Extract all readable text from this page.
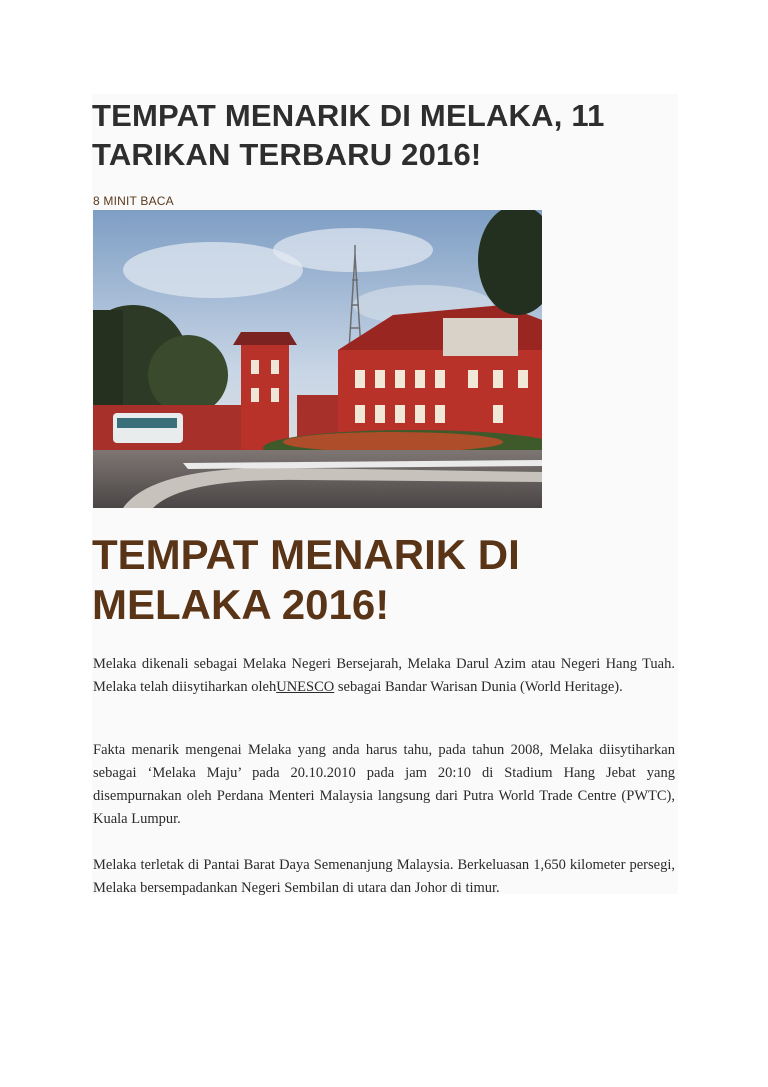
TEMPAT MENARIK DI MELAKA, 11 TARIKAN TERBARU 2016!
8 MINIT BACA
TEMPAT MENARIK DI MELAKA 2016!

Melaka dikenali sebagai Melaka Negeri Bersejarah, Melaka Darul Azim atau Negeri Hang Tuah. Melaka telah diisytiharkan olehUNESCO sebagai Bandar Warisan Dunia (World Heritage).

Fakta menarik mengenai Melaka yang anda harus tahu, pada tahun 2008, Melaka diisytiharkan sebagai ‘Melaka Maju’ pada 20.10.2010 pada jam 20:10 di Stadium Hang Jebat yang disempurnakan oleh Perdana Menteri Malaysia langsung dari Putra World Trade Centre (PWTC), Kuala Lumpur.

Melaka terletak di Pantai Barat Daya Semenanjung Malaysia. Berkeluasan 1,650 kilometer persegi, Melaka bersempadankan Negeri Sembilan di utara dan Johor di timur.
